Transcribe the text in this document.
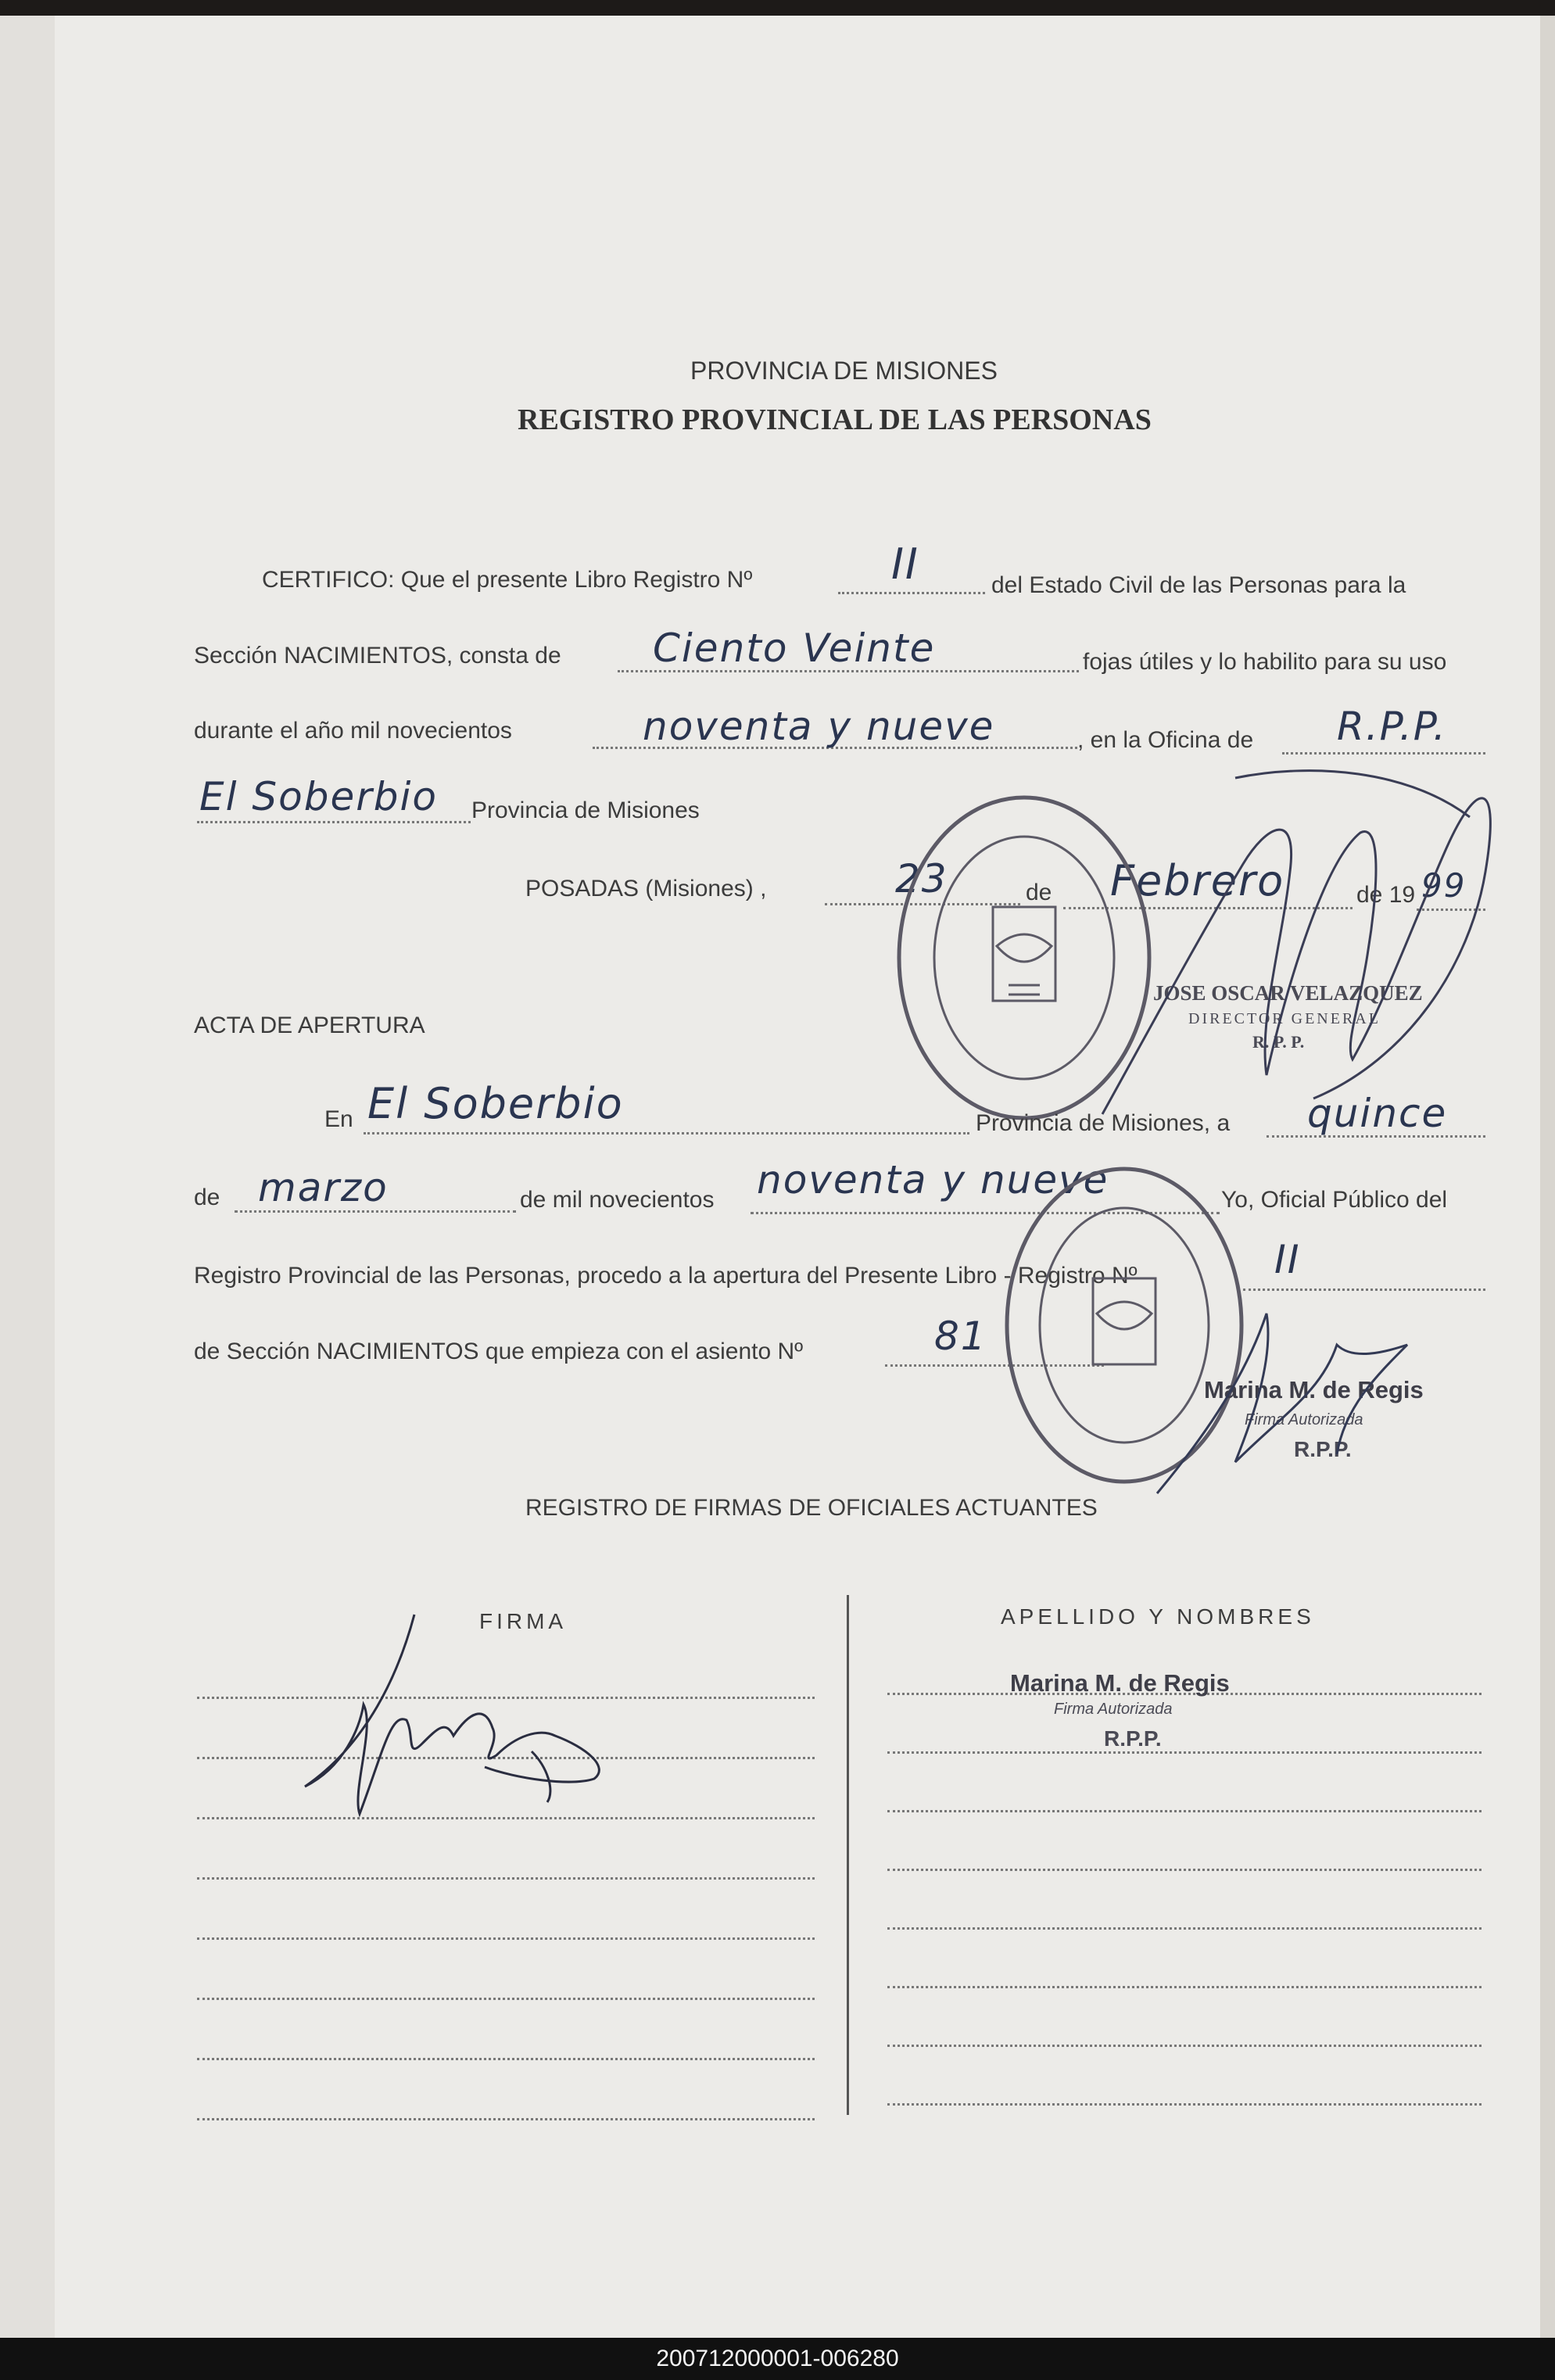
PROVINCIA DE MISIONES
REGISTRO PROVINCIAL DE LAS PERSONAS
CERTIFICO: Que el presente Libro Registro Nº	II	del Estado Civil de las Personas para la
Sección NACIMIENTOS, consta de Ciento Veinte	fojas útiles y lo habilito para su uso
durante el año mil novecientos	noventa y nueve	, en la Oficina de R.P.P.
El Soberbio Provincia de Misiones
POSADAS (Misiones) ,	23	de Febrero	de 19 99
JOSE OSCAR VELAZQUEZ
DIRECTOR GENERAL
R. P. P.
ACTA DE APERTURA
En El Soberbio	Provincia de Misiones, a quince
de marzo	de mil novecientos noventa y nueve	Yo, Oficial Público del
Registro Provincial de las Personas, procedo a la apertura del Presente Libro - Registro Nº	II
de Sección NACIMIENTOS que empieza con el asiento Nº	81
Marina M. de Regis
Firma Autorizada
R.P.P.
REGISTRO DE FIRMAS DE OFICIALES ACTUANTES
FIRMA	APELLIDO Y NOMBRES
Marina M. de Regis
Firma Autorizada
R.P.P.
200712000001-006280
